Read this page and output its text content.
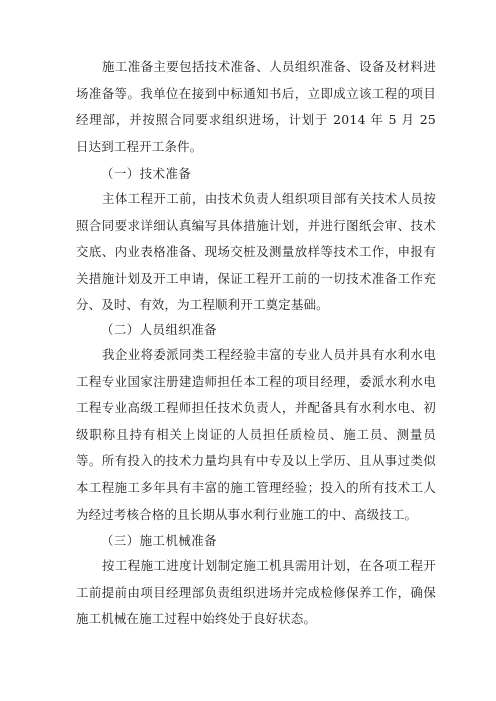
施工准备主要包括技术准备、人员组织准备、设备及材料进场准备等。我单位在接到中标通知书后，立即成立该工程的项目经理部，并按照合同要求组织进场，计划于 2014 年 5 月 25 日达到工程开工条件。

（一）技术准备

主体工程开工前，由技术负责人组织项目部有关技术人员按照合同要求详细认真编写具体措施计划，并进行图纸会审、技术交底、内业表格准备、现场交桩及测量放样等技术工作，申报有关措施计划及开工申请，保证工程开工前的一切技术准备工作充分、及时、有效，为工程顺利开工奠定基础。

（二）人员组织准备

我企业将委派同类工程经验丰富的专业人员并具有水利水电工程专业国家注册建造师担任本工程的项目经理，委派水利水电工程专业高级工程师担任技术负责人，并配备具有水利水电、初级职称且持有相关上岗证的人员担任质检员、施工员、测量员等。所有投入的技术力量均具有中专及以上学历、且从事过类似本工程施工多年具有丰富的施工管理经验；投入的所有技术工人为经过考核合格的且长期从事水利行业施工的中、高级技工。

（三）施工机械准备

按工程施工进度计划制定施工机具需用计划，在各项工程开工前提前由项目经理部负责组织进场并完成检修保养工作，确保施工机械在施工过程中始终处于良好状态。
